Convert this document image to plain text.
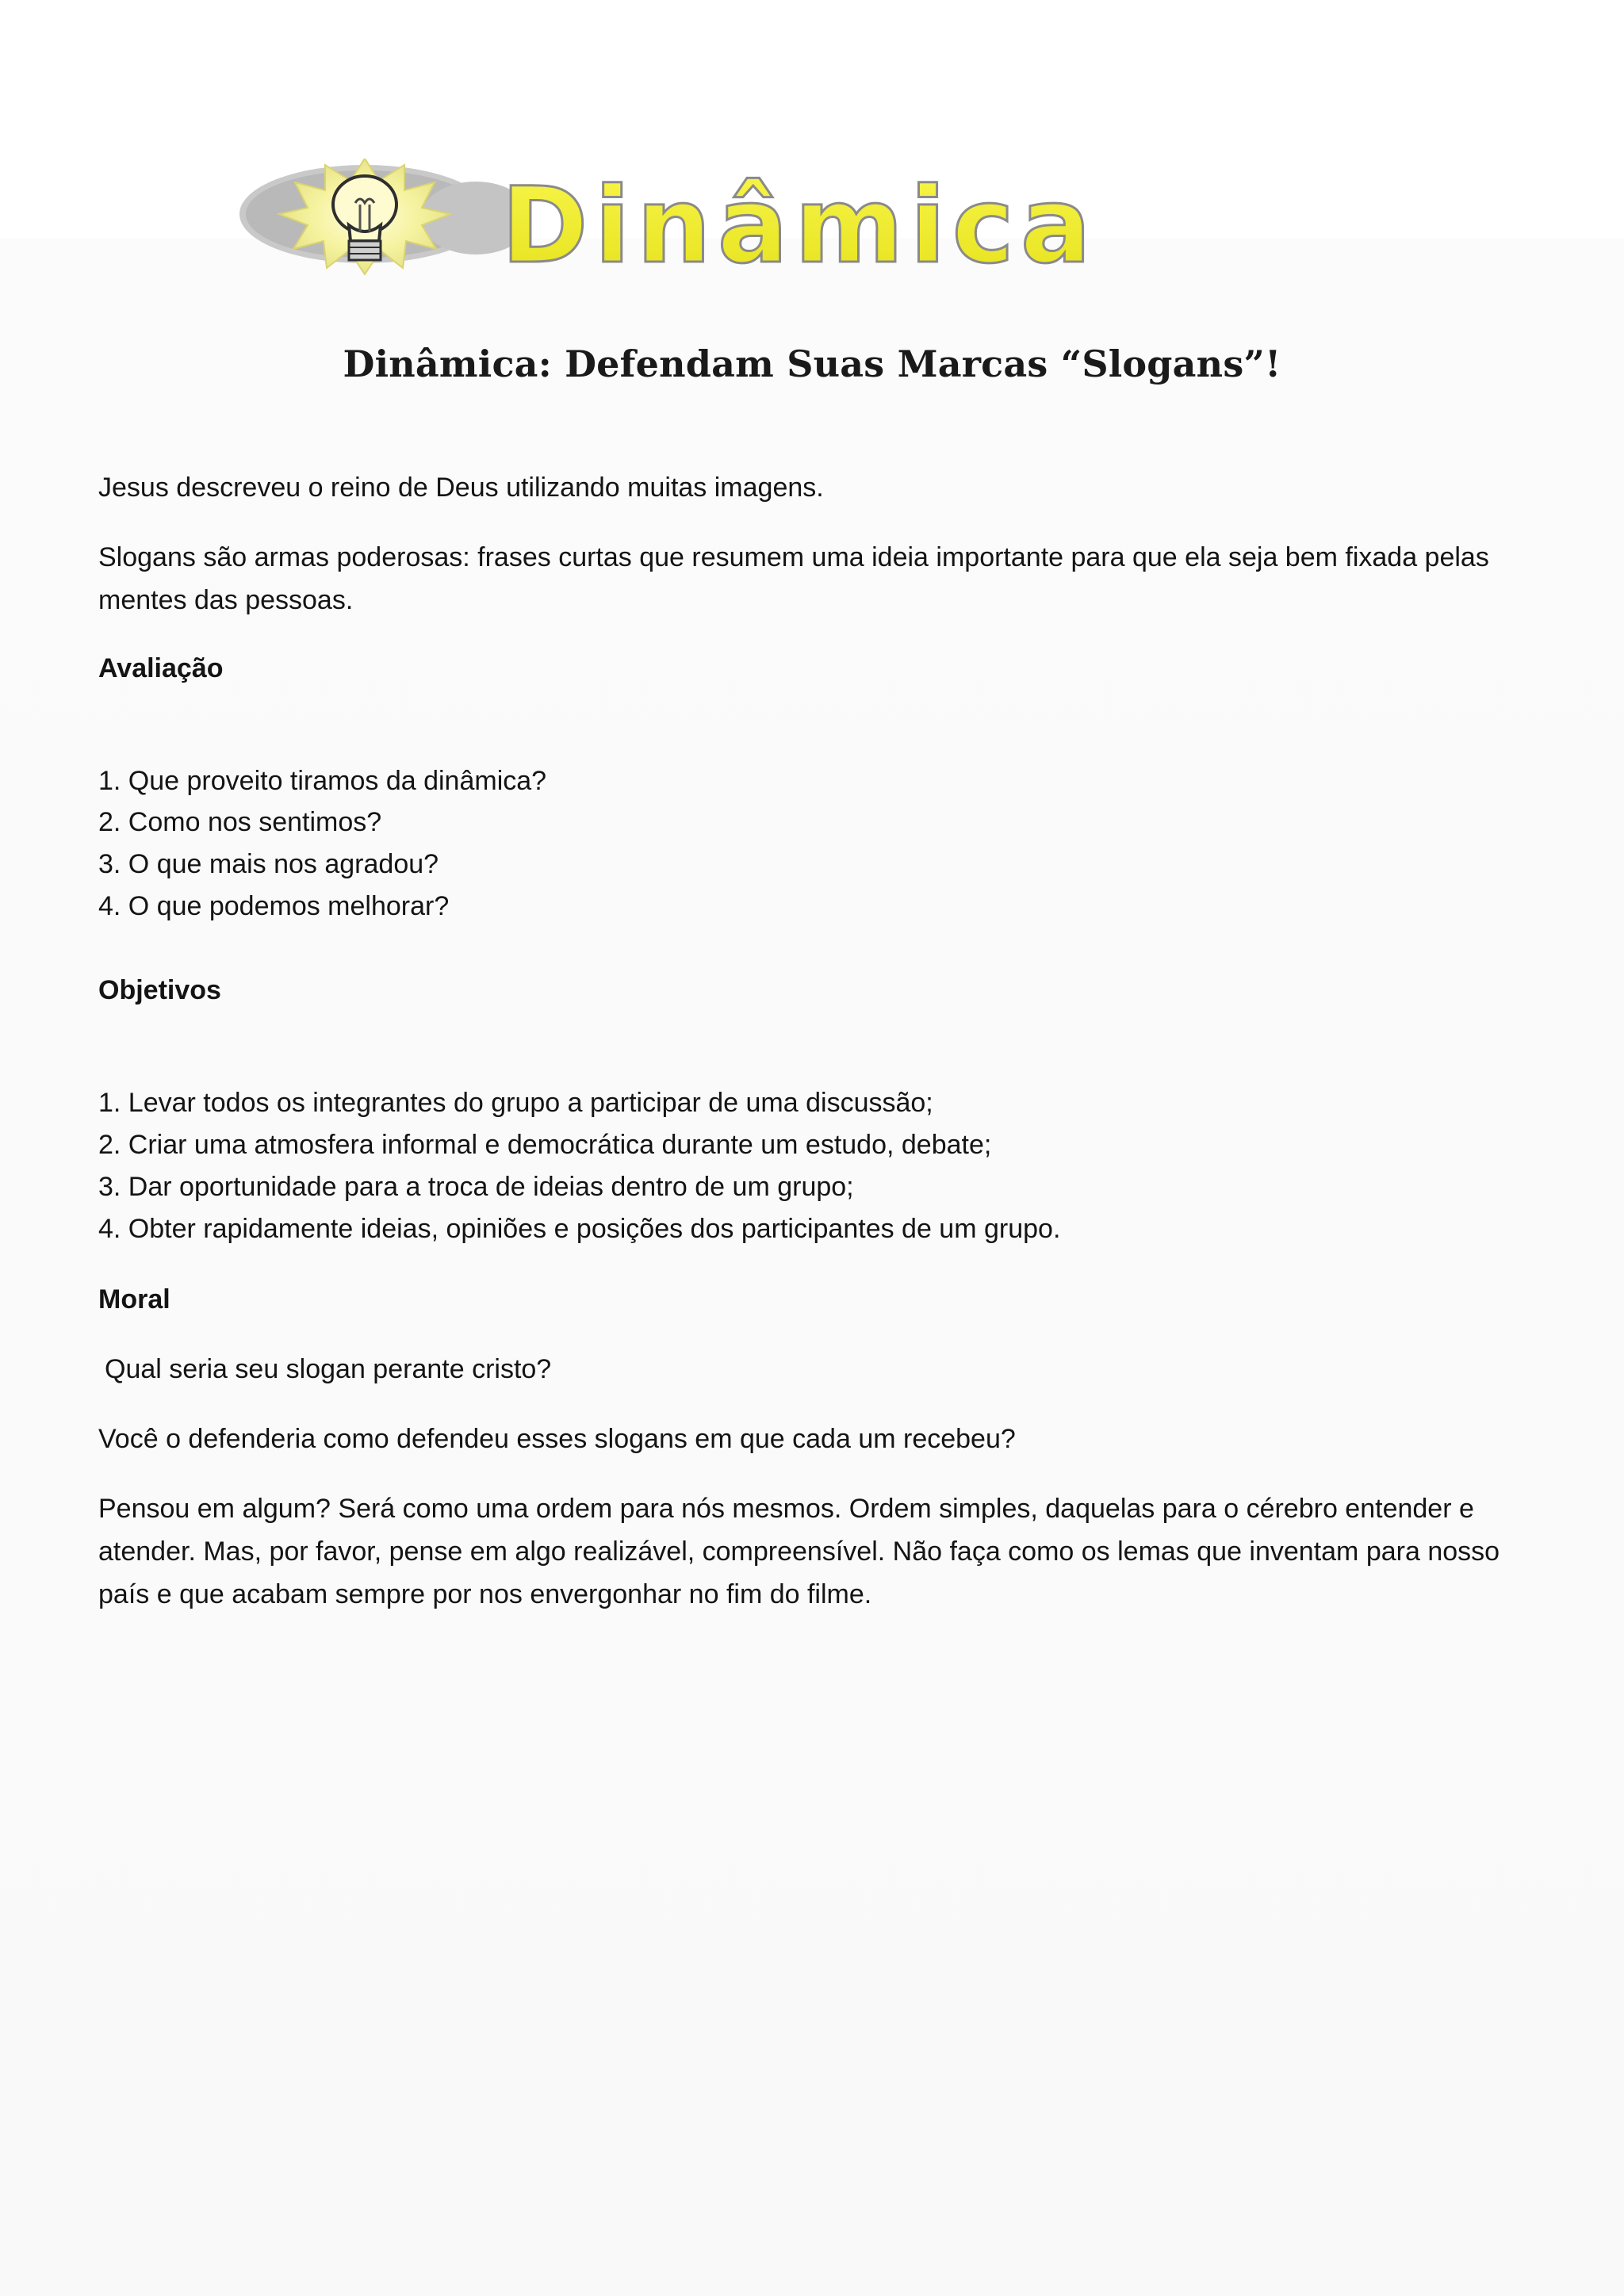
Dinâmica
Dinâmica: Defendam Suas Marcas “Slogans”!
Jesus descreveu o reino de Deus utilizando muitas imagens.
Slogans são armas poderosas: frases curtas que resumem uma ideia importante para que ela seja bem fixada pelas mentes das pessoas.
Avaliação
1. Que proveito tiramos da dinâmica?
2. Como nos sentimos?
3. O que mais nos agradou?
4. O que podemos melhorar?
Objetivos
1. Levar todos os integrantes do grupo a participar de uma discussão;
2. Criar uma atmosfera informal e democrática durante um estudo, debate;
3. Dar oportunidade para a troca de ideias dentro de um grupo;
4. Obter rapidamente ideias, opiniões e posições dos participantes de um grupo.
Moral
Qual seria seu slogan perante cristo?
Você o defenderia como defendeu esses slogans em que cada um recebeu?
Pensou em algum? Será como uma ordem para nós mesmos. Ordem simples, daquelas para o cérebro entender e atender. Mas, por favor, pense em algo realizável, compreensível. Não faça como os lemas que inventam para nosso país e que acabam sempre por nos envergonhar no fim do filme.
